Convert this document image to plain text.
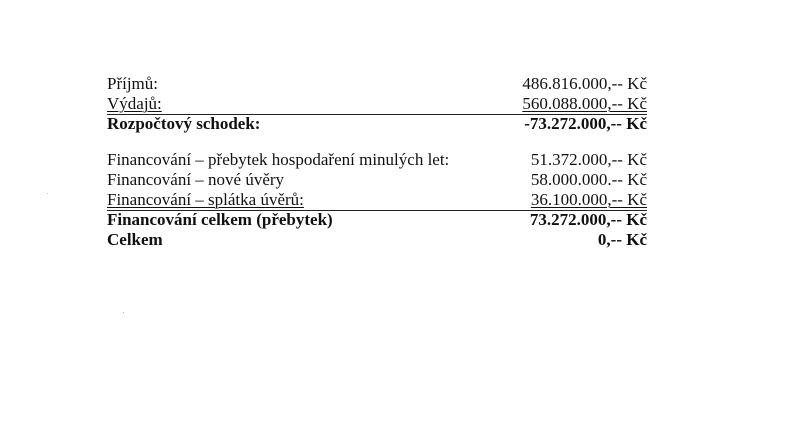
Příjmů:	486.816.000,-- Kč
Výdajů:	560.088.000,-- Kč
Rozpočtový schodek:	-73.272.000,-- Kč
Financování – přebytek hospodaření minulých let:	51.372.000,-- Kč
Financování – nové úvěry	58.000.000.-- Kč
Financování – splátka úvěrů:	36.100.000,-- Kč
Financování celkem (přebytek)	73.272.000,-- Kč
Celkem	0,-- Kč
